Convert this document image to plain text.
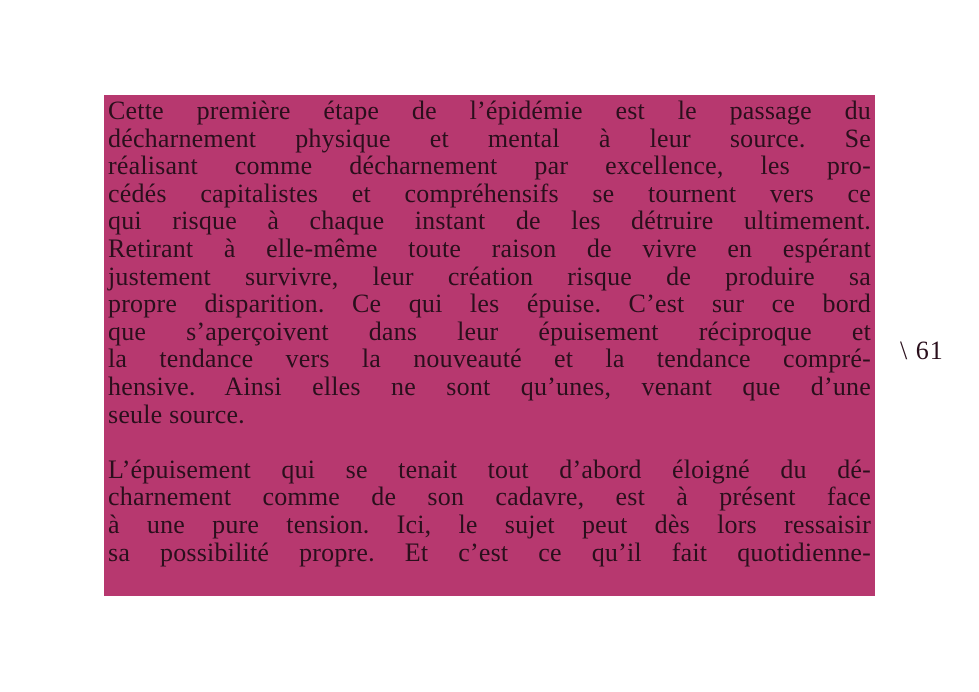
Cette première étape de l’épidémie est le passage du
décharnement physique et mental à leur source. Se
réalisant comme décharnement par excellence, les pro-
cédés capitalistes et compréhensifs se tournent vers ce
qui risque à chaque instant de les détruire ultimement.
Retirant à elle-même toute raison de vivre en espérant
justement survivre, leur création risque de produire sa
propre disparition. Ce qui les épuise. C’est sur ce bord
que s’aperçoivent dans leur épuisement réciproque et
la tendance vers la nouveauté et la tendance compré-
hensive. Ainsi elles ne sont qu’unes, venant que d’une
seule source.
L’épuisement qui se tenait tout d’abord éloigné du dé-
charnement comme de son cadavre, est à présent face
à une pure tension. Ici, le sujet peut dès lors ressaisir
sa possibilité propre. Et c’est ce qu’il fait quotidienne-
\ 61
